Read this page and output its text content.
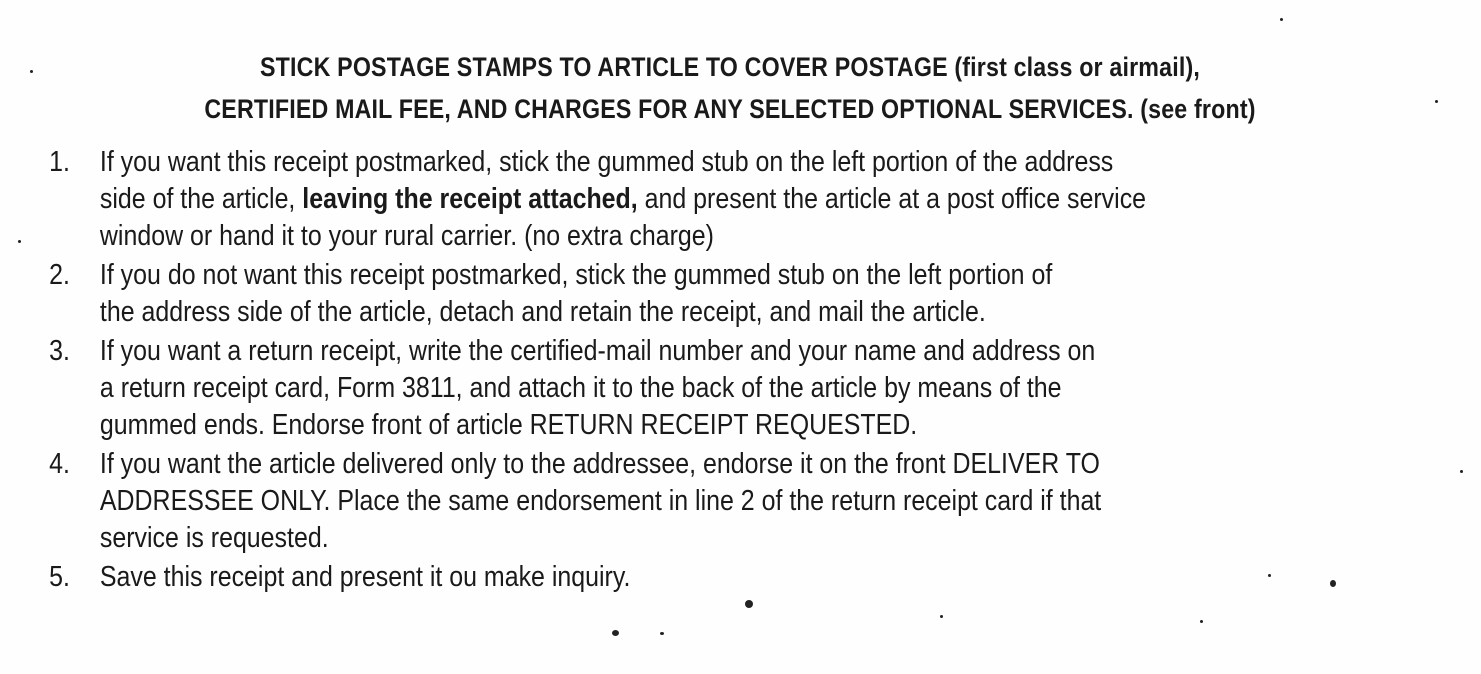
STICK POSTAGE STAMPS TO ARTICLE TO COVER POSTAGE (first class or airmail),
CERTIFIED MAIL FEE, AND CHARGES FOR ANY SELECTED OPTIONAL SERVICES. (see front)
1. If you want this receipt postmarked, stick the gummed stub on the left portion of the address
side of the article, leaving the receipt attached, and present the article at a post office service
window or hand it to your rural carrier. (no extra charge)
2. If you do not want this receipt postmarked, stick the gummed stub on the left portion of
the address side of the article, detach and retain the receipt, and mail the article.
3. If you want a return receipt, write the certified-mail number and your name and address on
a return receipt card, Form 3811, and attach it to the back of the article by means of the
gummed ends. Endorse front of article RETURN RECEIPT REQUESTED.
4. If you want the article delivered only to the addressee, endorse it on the front DELIVER TO
ADDRESSEE ONLY. Place the same endorsement in line 2 of the return receipt card if that
service is requested.
5. Save this receipt and present it ou make inquiry.
